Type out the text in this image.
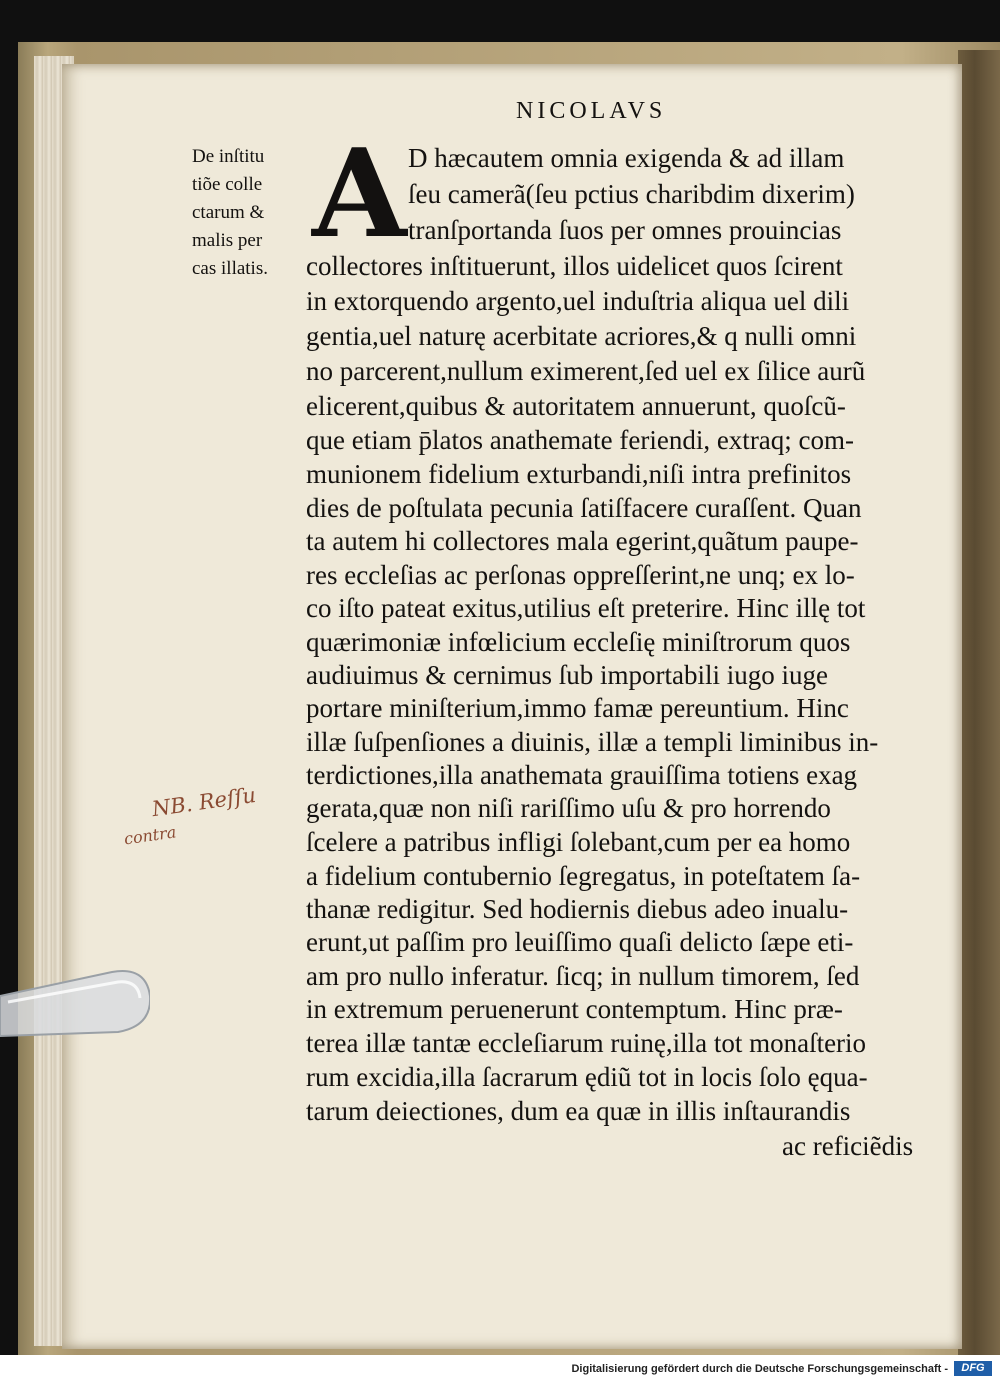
NICOLAVS

De inſtitu
tiõe colle
ctarum &
malis per
cas illatis.

A D hæcautem omnia exigenda & ad illam
ſeu camerã(ſeu pctius charibdim dixerim)
tranſportanda ſuos per omnes prouincias
collectores inſtituerunt, illos uidelicet quos ſcirent
in extorquendo argento,uel induſtria aliqua uel dili
gentia,uel naturę acerbitate acriores,& q nulli omni
no parcerent,nullum eximerent,ſed uel ex ſilice aurũ
elicerent,quibus & autoritatem annuerunt, quoſcũ-
que etiam p̄latos anathemate feriendi, extraq; com-
munionem fidelium exturbandi,niſi intra prefinitos
dies de poſtulata pecunia ſatiſfacere curaſſent. Quan
ta autem hi collectores mala egerint,quãtum paupe-
res eccleſias ac perſonas oppreſſerint,ne unq; ex lo-
co iſto pateat exitus,utilius eſt preterire. Hinc illę tot
quærimoniæ infœlicium eccleſię miniſtrorum quos
audiuimus & cernimus ſub importabili iugo iuge
portare miniſterium,immo famæ pereuntium. Hinc
illæ ſuſpenſiones a diuinis, illæ a templi liminibus in-
terdictiones,illa anathemata grauiſſima totiens exag
gerata,quæ non niſi rariſſimo uſu & pro horrendo
ſcelere a patribus infligi ſolebant,cum per ea homo
a fidelium contubernio ſegregatus, in poteſtatem ſa-
thanæ redigitur. Sed hodiernis diebus adeo inualu-
erunt,ut paſſim pro leuiſſimo quaſi delicto ſæpe eti-
am pro nullo inferatur. ſicq; in nullum timorem, ſed
in extremum peruenerunt contemptum. Hinc præ-
terea illæ tantæ eccleſiarum ruinę,illa tot monaſterio
rum excidia,illa ſacrarum ędiũ tot in locis ſolo ęqua-
tarum deiectiones, dum ea quæ in illis inſtaurandis
ac reficiẽdis
NB. Reſſu
contra
Digitalisierung gefördert durch die Deutsche Forschungsgemeinschaft -	DFG
